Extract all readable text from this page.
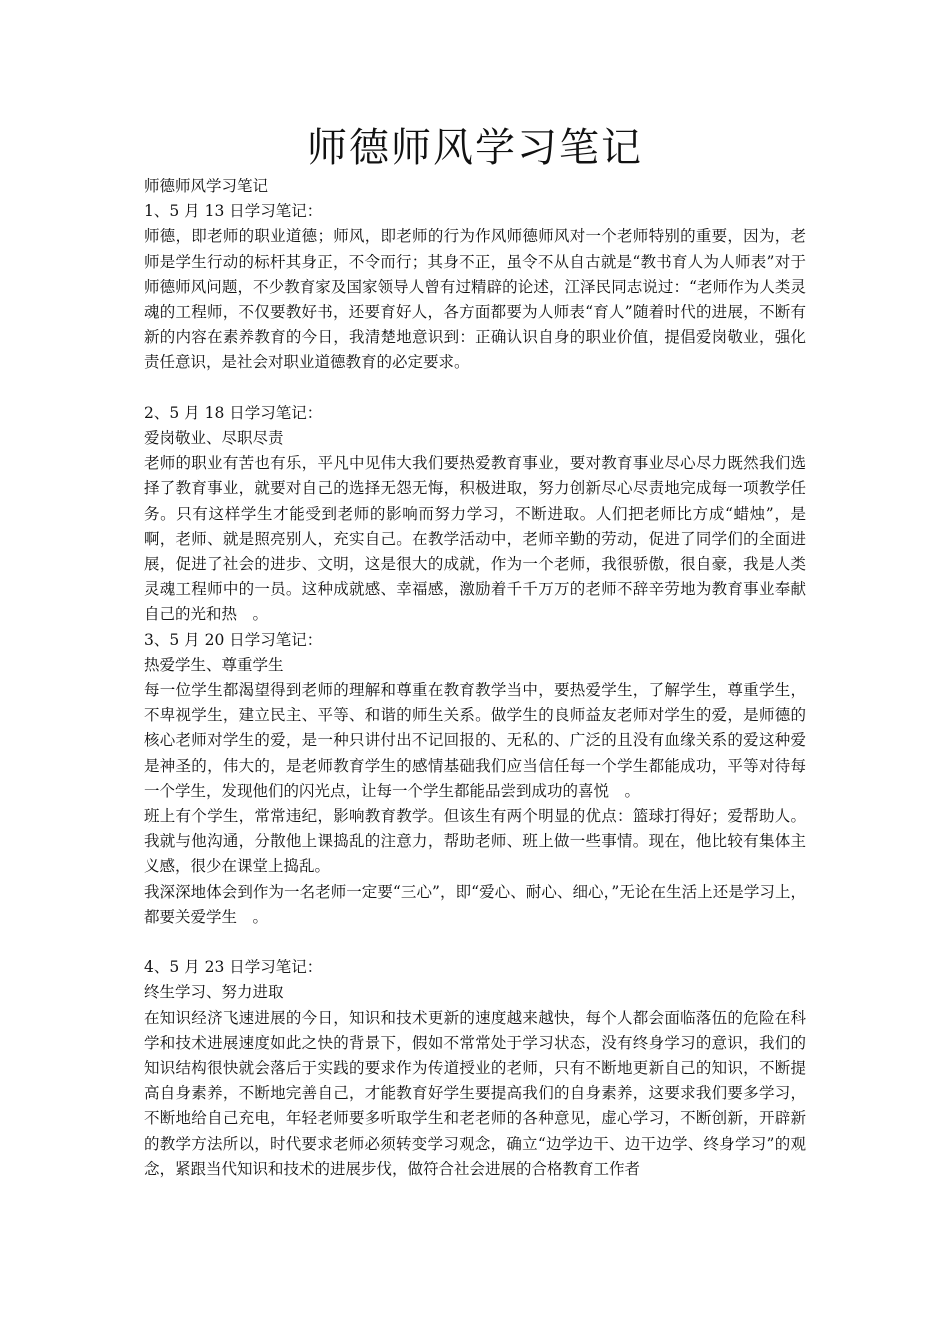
师德师风学习笔记
师德师风学习笔记
1、5 月 13 日学习笔记：

师德，即老师的职业道德；师风，即老师的行为作风师德师风对一个老师特别的重要，因为，老师是学生行动的标杆其身正，不令而行；其身不正，虽令不从自古就是“教书育人为人师表”对于师德师风问题，不少教育家及国家领导人曾有过精辟的论述，江泽民同志说过：“老师作为人类灵魂的工程师，不仅要教好书，还要育好人，各方面都要为人师表“育人”随着时代的进展，不断有新的内容在素养教育的今日，我清楚地意识到：正确认识自身的职业价值，提倡爱岗敬业，强化责任意识，是社会对职业道德教育的必定要求。

2、5 月 18 日学习笔记：
爱岗敬业、尽职尽责

老师的职业有苦也有乐，平凡中见伟大我们要热爱教育事业，要对教育事业尽心尽力既然我们选择了教育事业，就要对自己的选择无怨无悔，积极进取，努力创新尽心尽责地完成每一项教学任务。只有这样学生才能受到老师的影响而努力学习，不断进取。人们把老师比方成“蜡烛”，是啊，老师、就是照亮别人，充实自己。在教学活动中，老师辛勤的劳动，促进了同学们的全面进展，促进了社会的进步、文明，这是很大的成就，作为一个老师，我很骄傲，很自豪，我是人类灵魂工程师中的一员。这种成就感、幸福感，激励着千千万万的老师不辞辛劳地为教育事业奉献自己的光和热　。

3、5 月 20 日学习笔记：
热爱学生、尊重学生

每一位学生都渴望得到老师的理解和尊重在教育教学当中，要热爱学生，了解学生，尊重学生，不卑视学生，建立民主、平等、和谐的师生关系。做学生的良师益友老师对学生的爱，是师德的核心老师对学生的爱，是一种只讲付出不记回报的、无私的、广泛的且没有血缘关系的爱这种爱是神圣的，伟大的，是老师教育学生的感情基础我们应当信任每一个学生都能成功，平等对待每一个学生，发现他们的闪光点，让每一个学生都能品尝到成功的喜悦　。

班上有个学生，常常违纪，影响教育教学。但该生有两个明显的优点：篮球打得好；爱帮助人。我就与他沟通，分散他上课捣乱的注意力，帮助老师、班上做一些事情。现在，他比较有集体主义感，很少在课堂上捣乱。

我深深地体会到作为一名老师一定要“三心”，即“爱心、耐心、细心，”无论在生活上还是学习上，都要关爱学生　。

4、5 月 23 日学习笔记：
终生学习、努力进取

在知识经济飞速进展的今日，知识和技术更新的速度越来越快，每个人都会面临落伍的危险在科学和技术进展速度如此之快的背景下，假如不常常处于学习状态，没有终身学习的意识，我们的知识结构很快就会落后于实践的要求作为传道授业的老师，只有不断地更新自己的知识，不断提高自身素养，不断地完善自己，才能教育好学生要提高我们的自身素养，这要求我们要多学习，不断地给自己充电，年轻老师要多听取学生和老老师的各种意见，虚心学习，不断创新，开辟新的教学方法所以，时代要求老师必须转变学习观念，确立“边学边干、边干边学、终身学习”的观念，紧跟当代知识和技术的进展步伐，做符合社会进展的合格教育工作者
